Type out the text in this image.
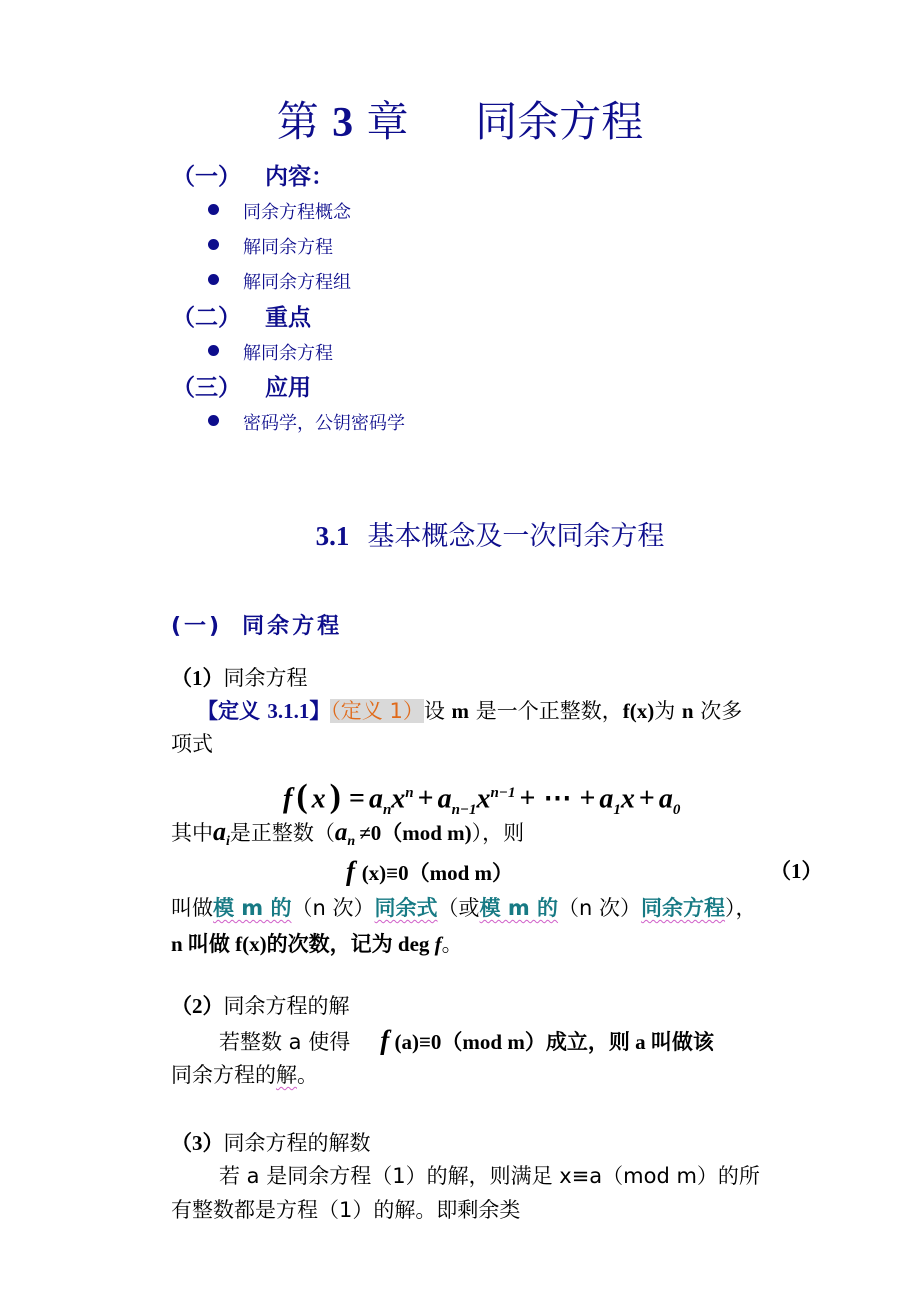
第 3 章 同余方程
（一） 内容：
同余方程概念
解同余方程
解同余方程组
（二） 重点
解同余方程
（三） 应用
密码学，公钥密码学
3.1 基本概念及一次同余方程
(一) 同余方程
（1）同余方程
【定义 3.1.1】（定义 1）设 m 是一个正整数，f(x)为 n 次多
项式
f ( x ) = $a_nx^n + a_{n-1}x^{n-1}$ + ⋯ + $a_1x + a_0$
其中$a_i$是正整数（$a_n \ne 0(mod$ m)），则
f (x)≡0（mod m）	（1）
叫做模 m 的（n 次）同余式（或模 m 的（n 次）同余方程），
n 叫做 f(x)的次数，记为 deg f。
（2）同余方程的解
若整数 a 使得 f (a)≡0（mod m）成立，则 a 叫做该
同余方程的解。
（3）同余方程的解数
若 a 是同余方程（1）的解，则满足 x≡a（mod m）的所
有整数都是方程（1）的解。即剩余类
